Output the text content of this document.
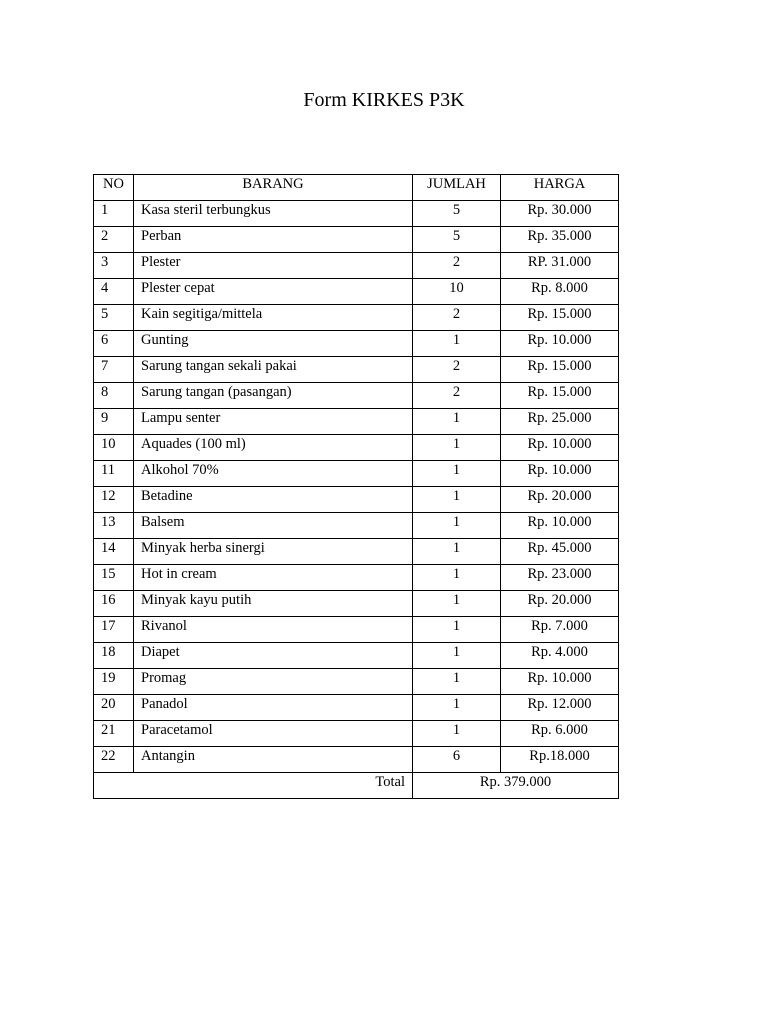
Form KIRKES P3K
NO	BARANG	JUMLAH	HARGA
1	Kasa steril terbungkus	5	Rp. 30.000
2	Perban	5	Rp. 35.000
3	Plester	2	RP. 31.000
4	Plester cepat	10	Rp. 8.000
5	Kain segitiga/mittela	2	Rp. 15.000
6	Gunting	1	Rp. 10.000
7	Sarung tangan sekali pakai	2	Rp. 15.000
8	Sarung tangan (pasangan)	2	Rp. 15.000
9	Lampu senter	1	Rp. 25.000
10	Aquades (100 ml)	1	Rp. 10.000
11	Alkohol 70%	1	Rp. 10.000
12	Betadine	1	Rp. 20.000
13	Balsem	1	Rp. 10.000
14	Minyak herba sinergi	1	Rp. 45.000
15	Hot in cream	1	Rp. 23.000
16	Minyak kayu putih	1	Rp. 20.000
17	Rivanol	1	Rp. 7.000
18	Diapet	1	Rp. 4.000
19	Promag	1	Rp. 10.000
20	Panadol	1	Rp. 12.000
21	Paracetamol	1	Rp. 6.000
22	Antangin	6	Rp.18.000
Total		Rp. 379.000	
